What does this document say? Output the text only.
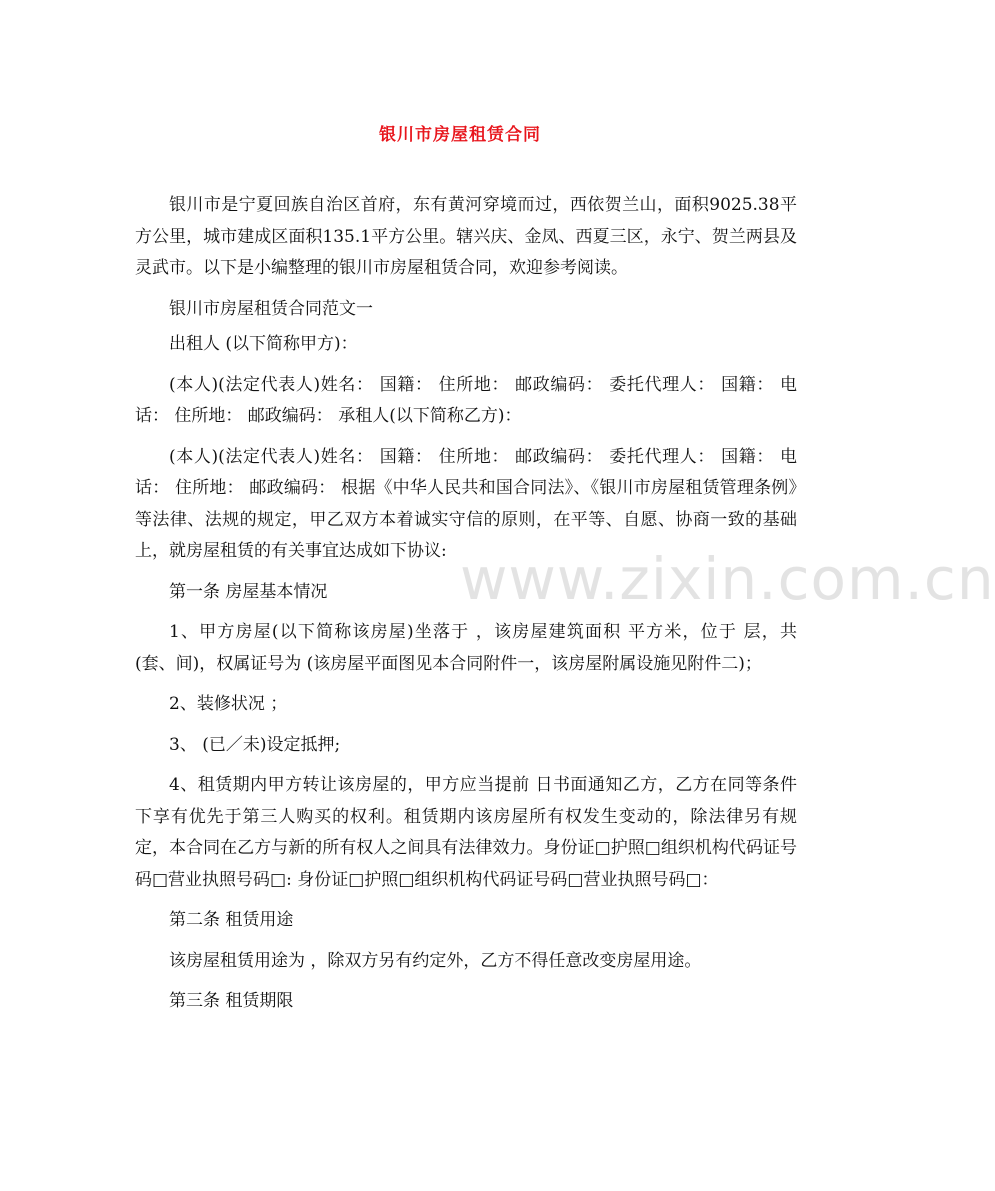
银川市房屋租赁合同
www.zixin.com.cn

银川市是宁夏回族自治区首府，东有黄河穿境而过，西依贺兰山，面积9025.38平方公里，城市建成区面积135.1平方公里。辖兴庆、金凤、西夏三区，永宁、贺兰两县及灵武市。以下是小编整理的银川市房屋租赁合同，欢迎参考阅读。

银川市房屋租赁合同范文一

出租人 (以下简称甲方)：

(本人)(法定代表人)姓名： 国籍： 住所地： 邮政编码： 委托代理人： 国籍： 电话： 住所地： 邮政编码： 承租人(以下简称乙方)：

(本人)(法定代表人)姓名： 国籍： 住所地： 邮政编码： 委托代理人： 国籍： 电话： 住所地： 邮政编码： 根据《中华人民共和国合同法》、《银川市房屋租赁管理条例》等法律、法规的规定，甲乙双方本着诚实守信的原则，在平等、自愿、协商一致的基础上，就房屋租赁的有关事宜达成如下协议:

第一条 房屋基本情况

1、甲方房屋(以下简称该房屋)坐落于 ，该房屋建筑面积 平方米，位于 层，共 (套、间)，权属证号为 (该房屋平面图见本合同附件一，该房屋附属设施见附件二)；

2、装修状况 ；

3、 (已／未)设定抵押;

4、租赁期内甲方转让该房屋的，甲方应当提前 日书面通知乙方，乙方在同等条件下享有优先于第三人购买的权利。租赁期内该房屋所有权发生变动的，除法律另有规定，本合同在乙方与新的所有权人之间具有法律效力。身份证□护照□组织机构代码证号码□营业执照号码□: 身份证□护照□组织机构代码证号码□营业执照号码□：

第二条 租赁用途

该房屋租赁用途为 ，除双方另有约定外，乙方不得任意改变房屋用途。

第三条 租赁期限
